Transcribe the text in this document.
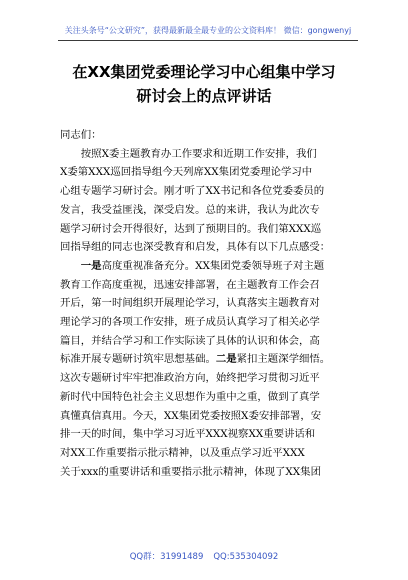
关注头条号“公文研究”，获得最新最全最专业的公文资料库！ 微信：gongwenyj
在XX集团党委理论学习中心组集中学习
研讨会上的点评讲话

同志们：

按照X委主题教育办工作要求和近期工作安排，我们
X委第XXX巡回指导组今天列席XX集团党委理论学习中
心组专题学习研讨会。刚才听了XX书记和各位党委委员的
发言，我受益匪浅，深受启发。总的来讲，我认为此次专
题学习研讨会开得很好，达到了预期目的。我们第XXX巡
回指导组的同志也深受教育和启发，具体有以下几点感受：
一是高度重视准备充分。XX集团党委领导班子对主题
教育工作高度重视，迅速安排部署，在主题教育工作会召
开后，第一时间组织开展理论学习，认真落实主题教育对
理论学习的各项工作安排，班子成员认真学习了相关必学
篇目，并结合学习和工作实际读了具体的认识和体会，高
标准开展专题研讨筑牢思想基础。二是紧扣主题深学细悟。
这次专题研讨牢牢把准政治方向，始终把学习贯彻习近平
新时代中国特色社会主义思想作为重中之重，做到了真学
真懂真信真用。今天，XX集团党委按照X委安排部署，安
排一天的时间，集中学习习近平XXX视察XX重要讲话和
对XX工作重要指示批示精神，以及重点学习近平XXX
关于xxx的重要讲话和重要指示批示精神，体现了XX集团
QQ群：31991489 QQ:535304092
